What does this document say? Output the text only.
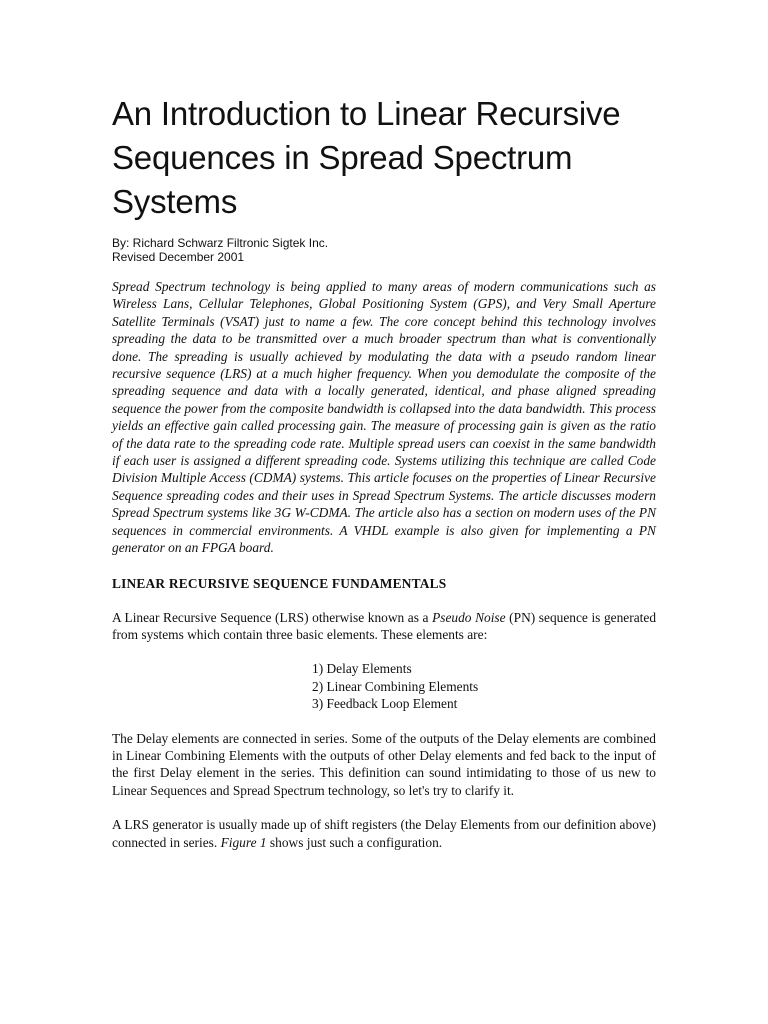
An Introduction to Linear Recursive Sequences in Spread Spectrum Systems
By: Richard Schwarz Filtronic Sigtek Inc.
Revised December 2001

Spread Spectrum technology is being applied to many areas of modern communications such as Wireless Lans, Cellular Telephones, Global Positioning System (GPS), and Very Small Aperture Satellite Terminals (VSAT) just to name a few. The core concept behind this technology involves spreading the data to be transmitted over a much broader spectrum than what is conventionally done. The spreading is usually achieved by modulating the data with a pseudo random linear recursive sequence (LRS) at a much higher frequency. When you demodulate the composite of the spreading sequence and data with a locally generated, identical, and phase aligned spreading sequence the power from the composite bandwidth is collapsed into the data bandwidth. This process yields an effective gain called processing gain. The measure of processing gain is given as the ratio of the data rate to the spreading code rate. Multiple spread users can coexist in the same bandwidth if each user is assigned a different spreading code. Systems utilizing this technique are called Code Division Multiple Access (CDMA) systems. This article focuses on the properties of Linear Recursive Sequence spreading codes and their uses in Spread Spectrum Systems. The article discusses modern Spread Spectrum systems like 3G W-CDMA. The article also has a section on modern uses of the PN sequences in commercial environments. A VHDL example is also given for implementing a PN generator on an FPGA board.

LINEAR RECURSIVE SEQUENCE FUNDAMENTALS

A Linear Recursive Sequence (LRS) otherwise known as a Pseudo Noise (PN) sequence is generated from systems which contain three basic elements. These elements are:

1) Delay Elements
2) Linear Combining Elements
3) Feedback Loop Element

The Delay elements are connected in series. Some of the outputs of the Delay elements are combined in Linear Combining Elements with the outputs of other Delay elements and fed back to the input of the first Delay element in the series. This definition can sound intimidating to those of us new to Linear Sequences and Spread Spectrum technology, so let's try to clarify it.

A LRS generator is usually made up of shift registers (the Delay Elements from our definition above) connected in series. Figure 1 shows just such a configuration.
